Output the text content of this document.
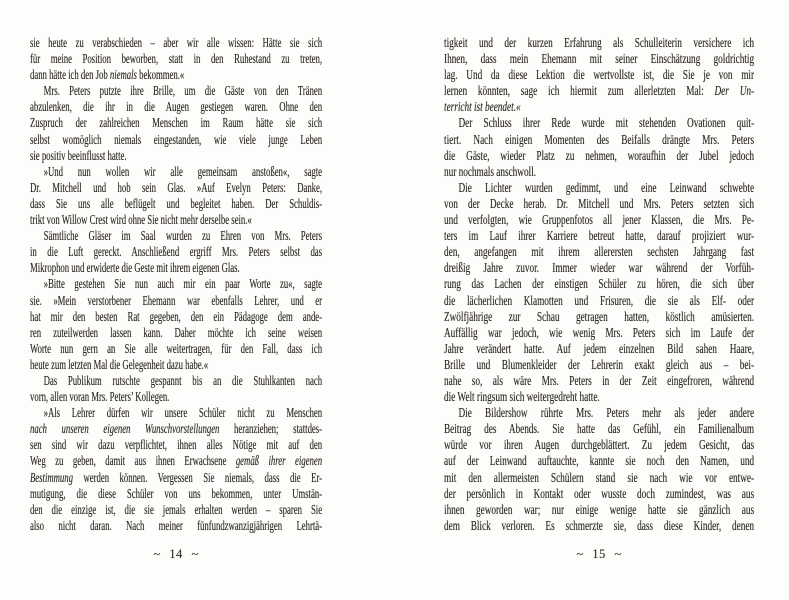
sie heute zu verabschieden – aber wir alle wissen: Hätte sie sich
für meine Position beworben, statt in den Ruhestand zu treten,
dann hätte ich den Job niemals bekommen.«
Mrs. Peters putzte ihre Brille, um die Gäste von den Tränen
abzulenken, die ihr in die Augen gestiegen waren. Ohne den
Zuspruch der zahlreichen Menschen im Raum hätte sie sich
selbst womöglich niemals eingestanden, wie viele junge Leben
sie positiv beeinflusst hatte.
»Und nun wollen wir alle gemeinsam anstoßen«, sagte
Dr. Mitchell und hob sein Glas. »Auf Evelyn Peters: Danke,
dass Sie uns alle beflügelt und begleitet haben. Der Schuldis-
trikt von Willow Crest wird ohne Sie nicht mehr derselbe sein.«
Sämtliche Gläser im Saal wurden zu Ehren von Mrs. Peters
in die Luft gereckt. Anschließend ergriff Mrs. Peters selbst das
Mikrophon und erwiderte die Geste mit ihrem eigenen Glas.
»Bitte gestehen Sie nun auch mir ein paar Worte zu«, sagte
sie. »Mein verstorbener Ehemann war ebenfalls Lehrer, und er
hat mir den besten Rat gegeben, den ein Pädagoge dem ande-
ren zuteilwerden lassen kann. Daher möchte ich seine weisen
Worte nun gern an Sie alle weitertragen, für den Fall, dass ich
heute zum letzten Mal die Gelegenheit dazu habe.«
Das Publikum rutschte gespannt bis an die Stuhlkanten nach
vorn, allen voran Mrs. Peters’ Kollegen.
»Als Lehrer dürfen wir unsere Schüler nicht zu Menschen
nach unseren eigenen Wunschvorstellungen heranziehen; stattdes-
sen sind wir dazu verpflichtet, ihnen alles Nötige mit auf den
Weg zu geben, damit aus ihnen Erwachsene gemäß ihrer eigenen
Bestimmung werden können. Vergessen Sie niemals, dass die Er-
mutigung, die diese Schüler von uns bekommen, unter Umstän-
den die einzige ist, die sie jemals erhalten werden – sparen Sie
also nicht daran. Nach meiner fünfundzwanzigjährigen Lehrtä-
~ 14 ~
tigkeit und der kurzen Erfahrung als Schulleiterin versichere ich
Ihnen, dass mein Ehemann mit seiner Einschätzung goldrichtig
lag. Und da diese Lektion die wertvollste ist, die Sie je von mir
lernen könnten, sage ich hiermit zum allerletzten Mal: Der Un-
terricht ist beendet.«
Der Schluss ihrer Rede wurde mit stehenden Ovationen quit-
tiert. Nach einigen Momenten des Beifalls drängte Mrs. Peters
die Gäste, wieder Platz zu nehmen, woraufhin der Jubel jedoch
nur nochmals anschwoll.
Die Lichter wurden gedimmt, und eine Leinwand schwebte
von der Decke herab. Dr. Mitchell und Mrs. Peters setzten sich
und verfolgten, wie Gruppenfotos all jener Klassen, die Mrs. Pe-
ters im Lauf ihrer Karriere betreut hatte, darauf projiziert wur-
den, angefangen mit ihrem allerersten sechsten Jahrgang fast
dreißig Jahre zuvor. Immer wieder war während der Vorfüh-
rung das Lachen der einstigen Schüler zu hören, die sich über
die lächerlichen Klamotten und Frisuren, die sie als Elf- oder
Zwölfjährige zur Schau getragen hatten, köstlich amüsierten.
Auffällig war jedoch, wie wenig Mrs. Peters sich im Laufe der
Jahre verändert hatte. Auf jedem einzelnen Bild sahen Haare,
Brille und Blumenkleider der Lehrerin exakt gleich aus – bei-
nahe so, als wäre Mrs. Peters in der Zeit eingefroren, während
die Welt ringsum sich weitergedreht hatte.
Die Bildershow rührte Mrs. Peters mehr als jeder andere
Beitrag des Abends. Sie hatte das Gefühl, ein Familienalbum
würde vor ihren Augen durchgeblättert. Zu jedem Gesicht, das
auf der Leinwand auftauchte, kannte sie noch den Namen, und
mit den allermeisten Schülern stand sie nach wie vor entwe-
der persönlich in Kontakt oder wusste doch zumindest, was aus
ihnen geworden war; nur einige wenige hatte sie gänzlich aus
dem Blick verloren. Es schmerzte sie, dass diese Kinder, denen
~ 15 ~
